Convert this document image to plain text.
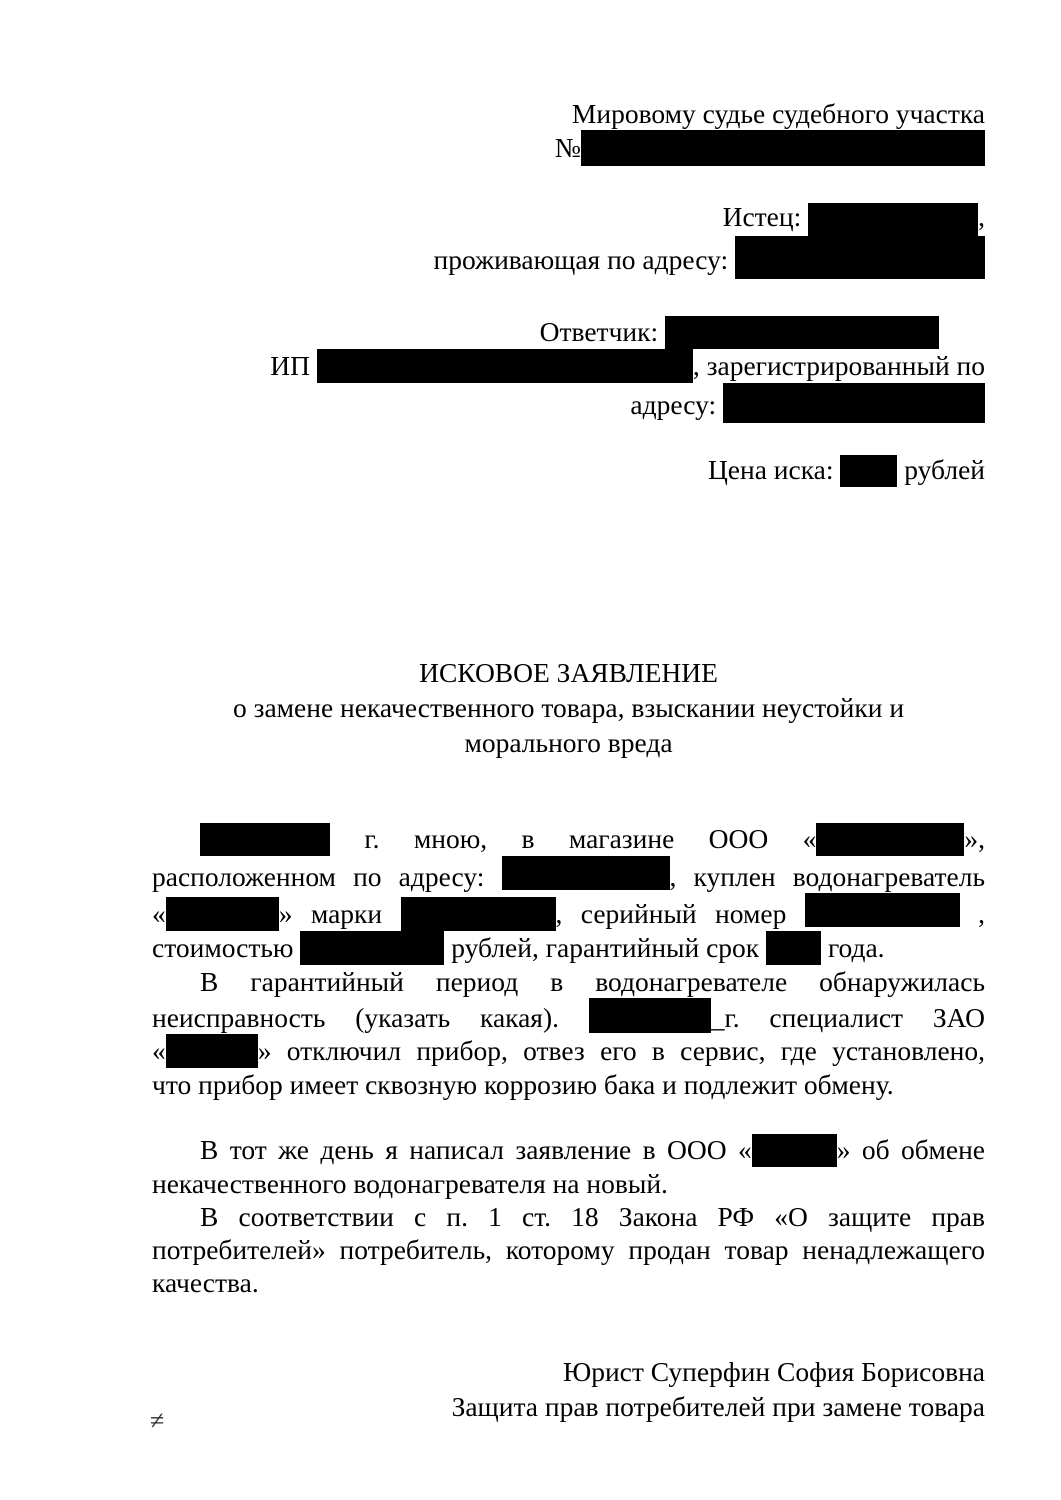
Мировому судье судебного участка
№
Истец:	,
проживающая по адресу:
Ответчик:
ИП	, зарегистрированный по
адресу:
Цена иска:	рублей
ИСКОВОЕ ЗАЯВЛЕНИЕ
о замене некачественного товара, взыскании неустойки и
морального вреда
г. мною, в магазине ООО «	»,
расположенном по адресу:	, куплен водонагреватель
«	» марки	, серийный номер	,
стоимостью	рублей, гарантийный срок	года.
В гарантийный период в водонагревателе обнаружилась
неисправность (указать какая).	_г. специалист ЗАО
«	» отключил прибор, отвез его в сервис, где установлено,
что прибор имеет сквозную коррозию бака и подлежит обмену.
В тот же день я написал заявление в ООО «	» об обмене
некачественного водонагревателя на новый.
В соответствии с п. 1 ст. 18 Закона РФ «О защите прав
потребителей» потребитель, которому продан товар ненадлежащего
качества.
Юрист Суперфин София Борисовна
Защита прав потребителей при замене товара
≠
